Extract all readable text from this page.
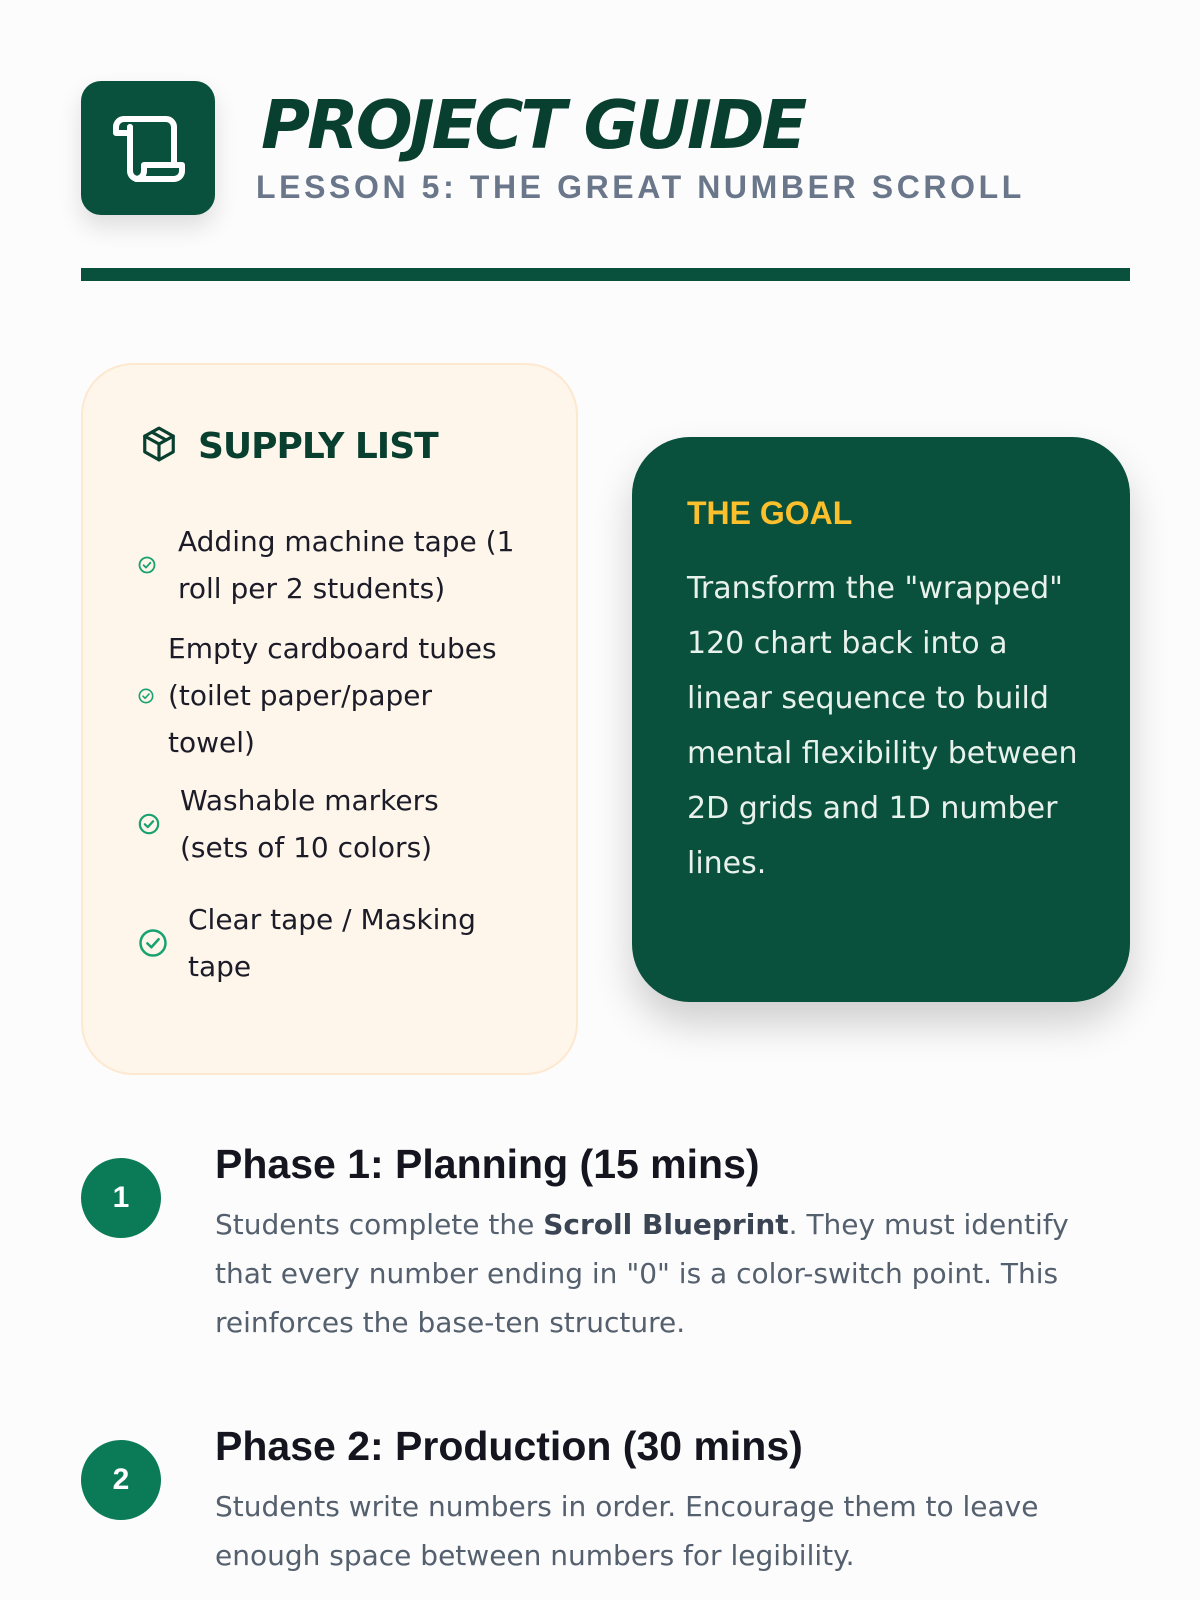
PROJECT GUIDE
LESSON 5: THE GREAT NUMBER SCROLL
SUPPLY LIST
Adding machine tape (1 roll per 2 students)
Empty cardboard tubes (toilet paper/paper towel)
Washable markers (sets of 10 colors)
Clear tape / Masking tape
THE GOAL

Transform the "wrapped" 120 chart back into a linear sequence to build mental flexibility between 2D grids and 1D number lines.

1
Phase 1: Planning (15 mins)

Students complete the Scroll Blueprint. They must identify that every number ending in "0" is a color-switch point. This reinforces the base-ten structure.

2
Phase 2: Production (30 mins)

Students write numbers in order. Encourage them to leave enough space between numbers for legibility.
